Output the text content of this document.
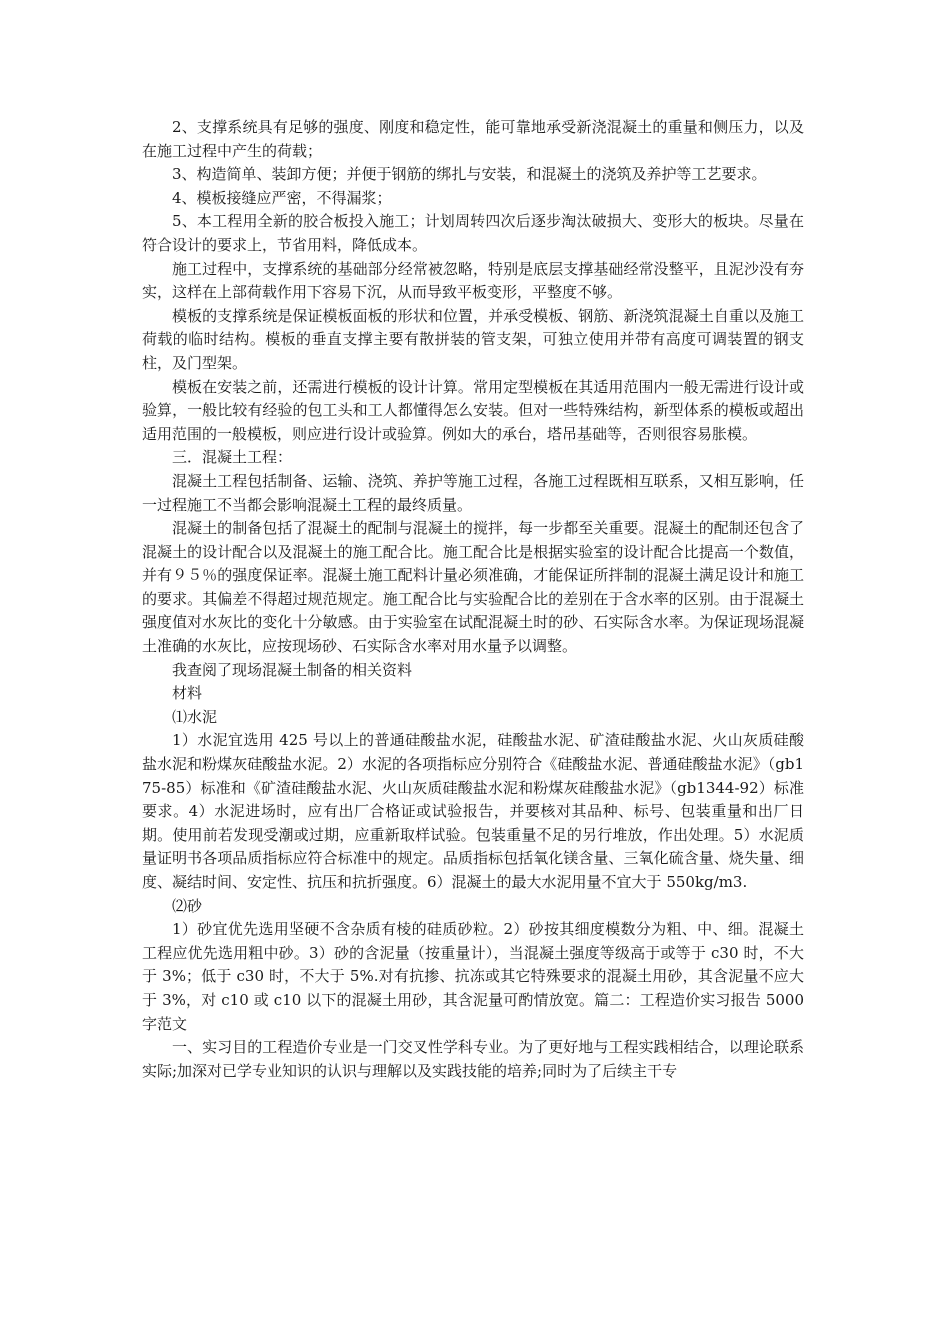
2、支撑系统具有足够的强度、刚度和稳定性，能可靠地承受新浇混凝土的重量和侧压力，以及在施工过程中产生的荷载；

3、构造简单、装卸方便；并便于钢筋的绑扎与安装，和混凝土的浇筑及养护等工艺要求。

4、模板接缝应严密，不得漏浆；

5、本工程用全新的胶合板投入施工；计划周转四次后逐步淘汰破损大、变形大的板块。尽量在符合设计的要求上，节省用料，降低成本。

施工过程中，支撑系统的基础部分经常被忽略，特别是底层支撑基础经常没整平，且泥沙没有夯实，这样在上部荷载作用下容易下沉，从而导致平板变形，平整度不够。

模板的支撑系统是保证模板面板的形状和位置，并承受模板、钢筋、新浇筑混凝土自重以及施工荷载的临时结构。模板的垂直支撑主要有散拼装的管支架，可独立使用并带有高度可调装置的钢支柱，及门型架。

模板在安装之前，还需进行模板的设计计算。常用定型模板在其适用范围内一般无需进行设计或验算，一般比较有经验的包工头和工人都懂得怎么安装。但对一些特殊结构，新型体系的模板或超出适用范围的一般模板，则应进行设计或验算。例如大的承台，塔吊基础等，否则很容易胀模。

三．混凝土工程：

混凝土工程包括制备、运输、浇筑、养护等施工过程，各施工过程既相互联系，又相互影响，任一过程施工不当都会影响混凝土工程的最终质量。

混凝土的制备包括了混凝土的配制与混凝土的搅拌，每一步都至关重要。混凝土的配制还包含了混凝土的设计配合以及混凝土的施工配合比。施工配合比是根据实验室的设计配合比提高一个数值，并有９５％的强度保证率。混凝土施工配料计量必须准确，才能保证所拌制的混凝土满足设计和施工的要求。其偏差不得超过规范规定。施工配合比与实验配合比的差别在于含水率的区别。由于混凝土强度值对水灰比的变化十分敏感。由于实验室在试配混凝土时的砂、石实际含水率。为保证现场混凝土准确的水灰比，应按现场砂、石实际含水率对用水量予以调整。

我查阅了现场混凝土制备的相关资料

材料

⑴水泥

1）水泥宜选用 425 号以上的普通硅酸盐水泥，硅酸盐水泥、矿渣硅酸盐水泥、火山灰质硅酸盐水泥和粉煤灰硅酸盐水泥。2）水泥的各项指标应分别符合《硅酸盐水泥、普通硅酸盐水泥》（gb175-85）标准和《矿渣硅酸盐水泥、火山灰质硅酸盐水泥和粉煤灰硅酸盐水泥》（gb1344-92）标准要求。4）水泥进场时，应有出厂合格证或试验报告，并要核对其品种、标号、包装重量和出厂日期。使用前若发现受潮或过期，应重新取样试验。包装重量不足的另行堆放，作出处理。5）水泥质量证明书各项品质指标应符合标准中的规定。品质指标包括氧化镁含量、三氧化硫含量、烧失量、细度、凝结时间、安定性、抗压和抗折强度。6）混凝土的最大水泥用量不宜大于 550kg/m3.

⑵砂

1）砂宜优先选用坚硬不含杂质有棱的硅质砂粒。2）砂按其细度模数分为粗、中、细。混凝土工程应优先选用粗中砂。3）砂的含泥量（按重量计），当混凝土强度等级高于或等于 c30 时，不大于 3%；低于 c30 时，不大于 5%.对有抗掺、抗冻或其它特殊要求的混凝土用砂，其含泥量不应大于 3%，对 c10 或 c10 以下的混凝土用砂，其含泥量可酌情放宽。篇二：工程造价实习报告 5000 字范文

一、实习目的工程造价专业是一门交叉性学科专业。为了更好地与工程实践相结合，以理论联系实际;加深对已学专业知识的认识与理解以及实践技能的培养;同时为了后续主干专
